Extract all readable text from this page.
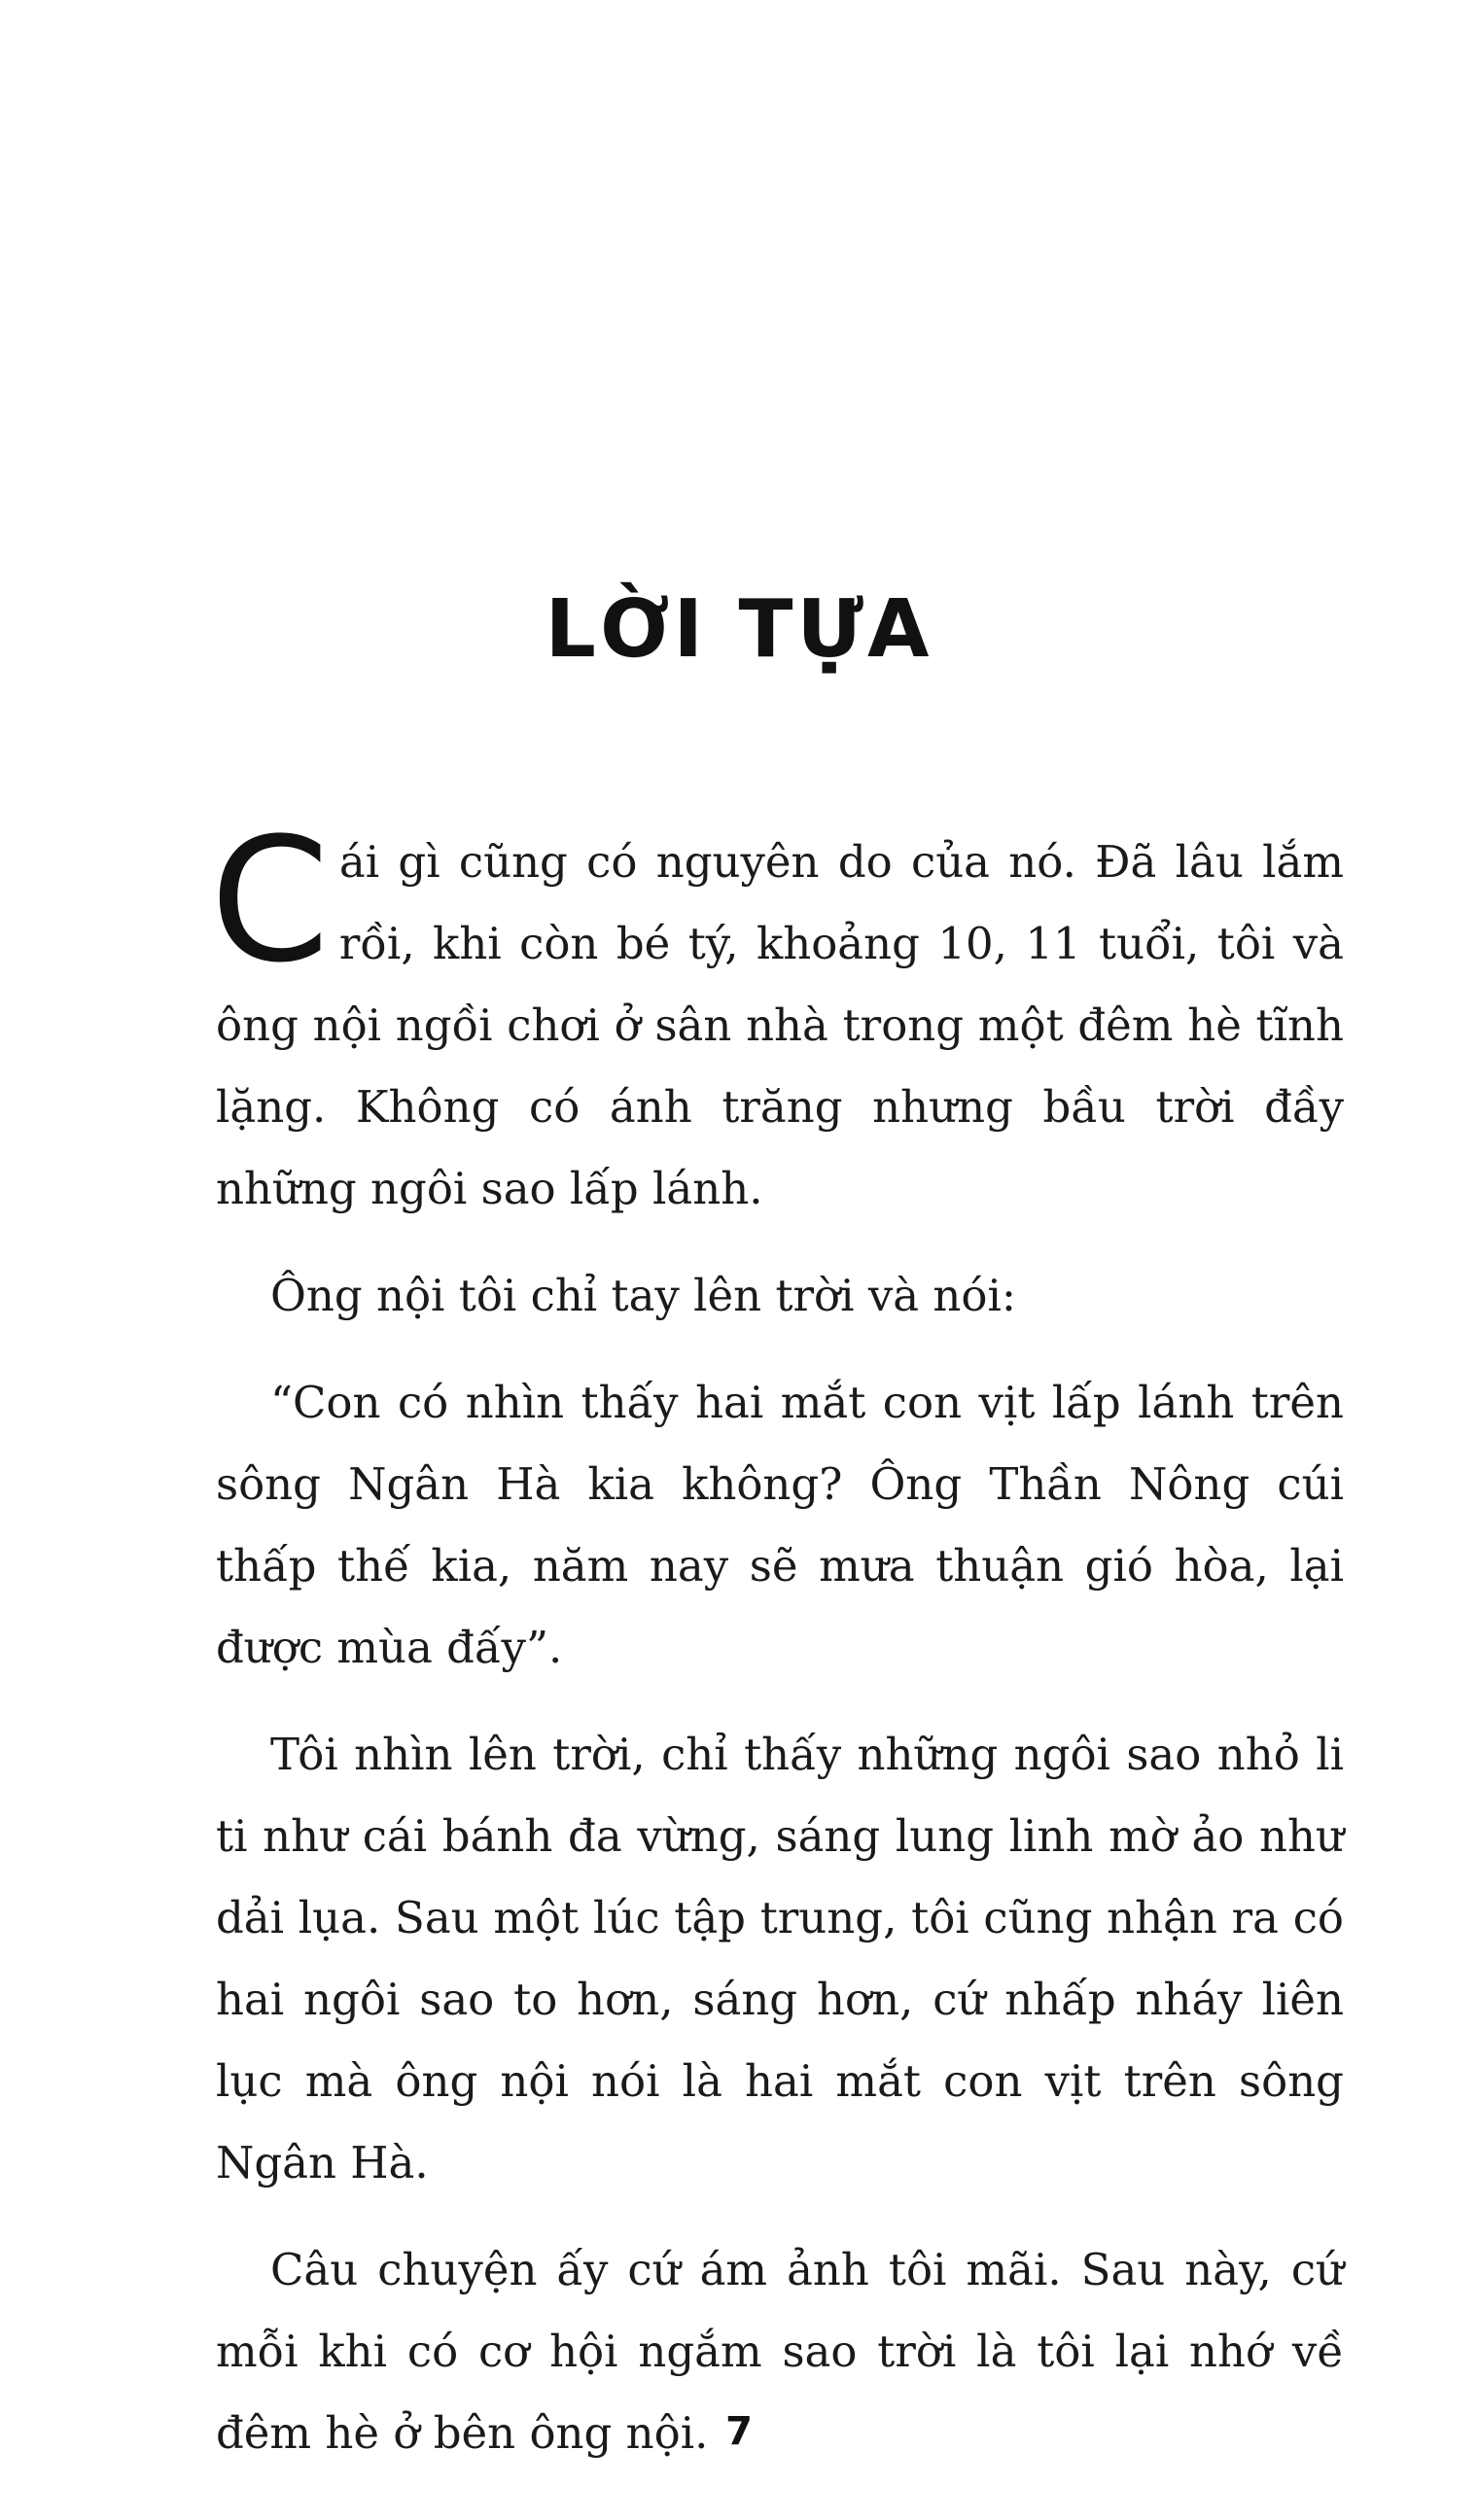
LỜI TỰA

Cái gì cũng có nguyên do của nó. Đã lâu lắm rồi, khi còn bé tý, khoảng 10, 11 tuổi, tôi và ông nội ngồi chơi ở sân nhà trong một đêm hè tĩnh lặng. Không có ánh trăng nhưng bầu trời đầy những ngôi sao lấp lánh.

Ông nội tôi chỉ tay lên trời và nói:

“Con có nhìn thấy hai mắt con vịt lấp lánh trên sông Ngân Hà kia không? Ông Thần Nông cúi thấp thế kia, năm nay sẽ mưa thuận gió hòa, lại được mùa đấy”.

Tôi nhìn lên trời, chỉ thấy những ngôi sao nhỏ li ti như cái bánh đa vừng, sáng lung linh mờ ảo như dải lụa. Sau một lúc tập trung, tôi cũng nhận ra có hai ngôi sao to hơn, sáng hơn, cứ nhấp nháy liên lục mà ông nội nói là hai mắt con vịt trên sông Ngân Hà.

Câu chuyện ấy cứ ám ảnh tôi mãi. Sau này, cứ mỗi khi có cơ hội ngắm sao trời là tôi lại nhớ về đêm hè ở bên ông nội. 7
